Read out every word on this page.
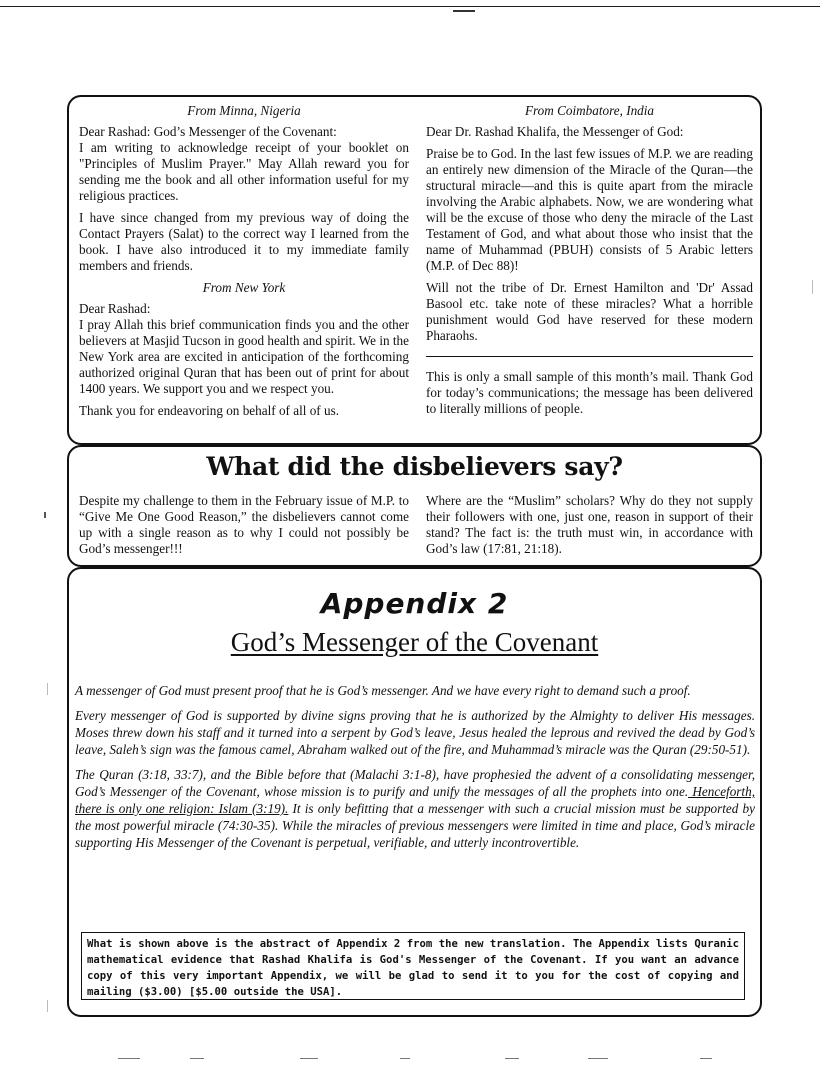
From Minna, Nigeria

Dear Rashad: God’s Messenger of the Covenant:

I am writing to acknowledge receipt of your booklet on "Principles of Muslim Prayer." May Allah reward you for sending me the book and all other information useful for my religious practices.

I have since changed from my previous way of doing the Contact Prayers (Salat) to the correct way I learned from the book. I have also introduced it to my immediate family members and friends.

From New York

Dear Rashad:

I pray Allah this brief communication finds you and the other believers at Masjid Tucson in good health and spirit. We in the New York area are excited in anticipation of the forthcoming authorized original Quran that has been out of print for about 1400 years. We support you and we respect you.

Thank you for endeavoring on behalf of all of us.

From Coimbatore, India

Dear Dr. Rashad Khalifa, the Messenger of God:

Praise be to God. In the last few issues of M.P. we are reading an entirely new dimension of the Miracle of the Quran—the structural miracle—and this is quite apart from the miracle involving the Arabic alphabets. Now, we are wondering what will be the excuse of those who deny the miracle of the Last Testament of God, and what about those who insist that the name of Muhammad (PBUH) consists of 5 Arabic letters (M.P. of Dec 88)!

Will not the tribe of Dr. Ernest Hamilton and 'Dr' Assad Basool etc. take note of these miracles? What a horrible punishment would God have reserved for these modern Pharaohs.

This is only a small sample of this month’s mail. Thank God for today’s communications; the message has been delivered to literally millions of people.

What did the disbelievers say?
Despite my challenge to them in the February issue of M.P. to “Give Me One Good Reason,” the disbelievers cannot come up with a single reason as to why I could not possibly be God’s messenger!!!
Where are the “Muslim” scholars? Why do they not supply their followers with one, just one, reason in support of their stand? The fact is: the truth must win, in accordance with God’s law (17:81, 21:18).
Appendix 2
God’s Messenger of the Covenant

A messenger of God must present proof that he is God’s messenger. And we have every right to demand such a proof.

Every messenger of God is supported by divine signs proving that he is authorized by the Almighty to deliver His messages. Moses threw down his staff and it turned into a serpent by God’s leave, Jesus healed the leprous and revived the dead by God’s leave, Saleh’s sign was the famous camel, Abraham walked out of the fire, and Muhammad’s miracle was the Quran (29:50-51).

The Quran (3:18, 33:7), and the Bible before that (Malachi 3:1-8), have prophesied the advent of a consolidating messenger, God’s Messenger of the Covenant, whose mission is to purify and unify the messages of all the prophets into one. Henceforth, there is only one religion: Islam (3:19). It is only befitting that a messenger with such a crucial mission must be supported by the most powerful miracle (74:30-35). While the miracles of previous messengers were limited in time and place, God’s miracle supporting His Messenger of the Covenant is perpetual, verifiable, and utterly incontrovertible.

What is shown above is the abstract of Appendix 2 from the new translation. The Appendix lists Quranic mathematical evidence that Rashad Khalifa is God's Messenger of the Covenant. If you want an advance copy of this very important Appendix, we will be glad to send it to you for the cost of copying and mailing ($3.00) [$5.00 outside the USA].
